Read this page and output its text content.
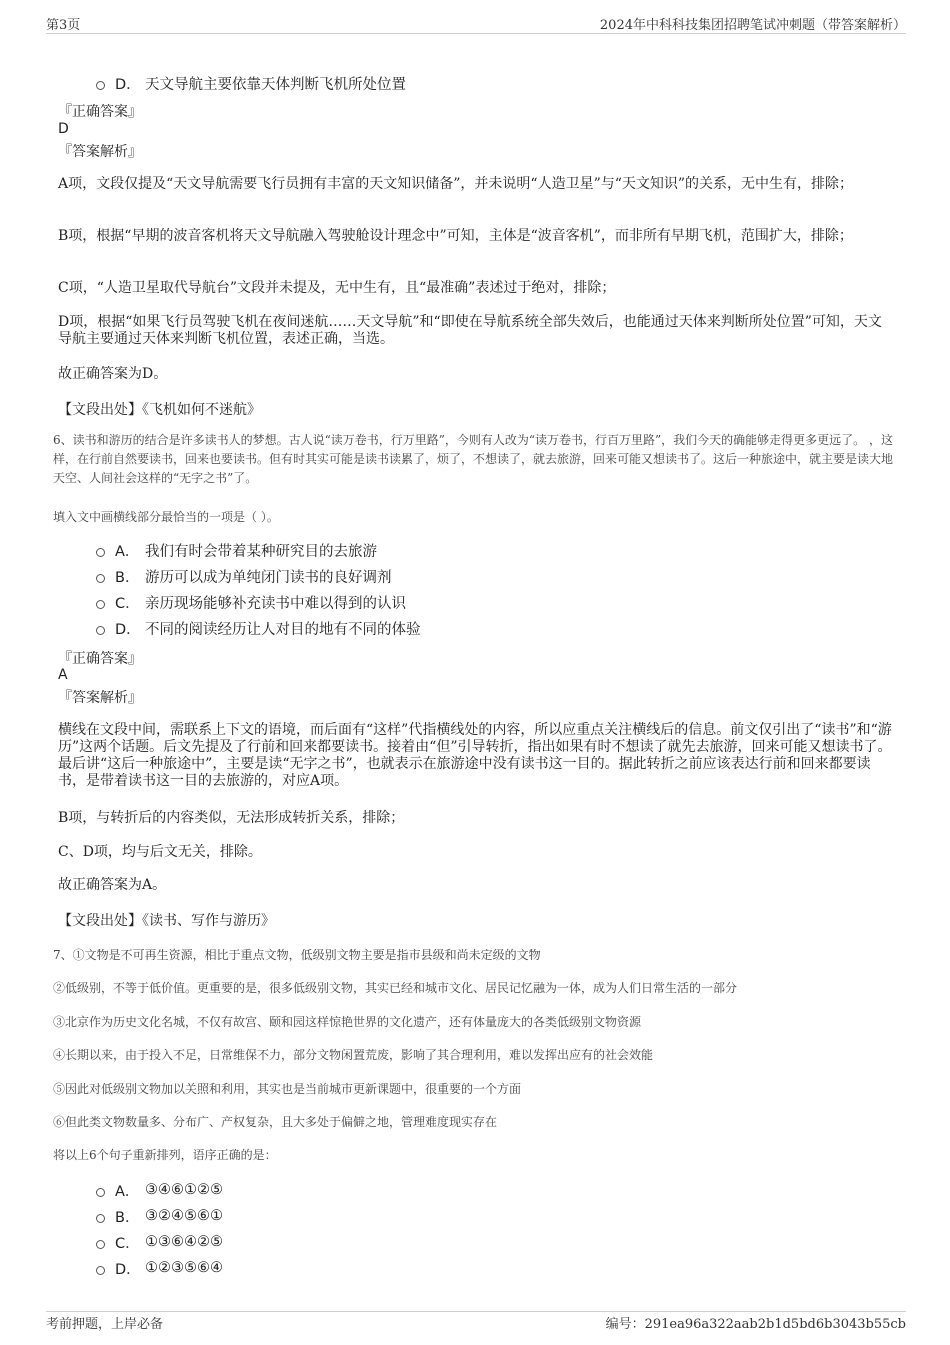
第3页	2024年中科科技集团招聘笔试冲刺题（带答案解析）
D． 天文导航主要依靠天体判断飞机所处位置
『正确答案』
D
『答案解析』
A项，文段仅提及“天文导航需要飞行员拥有丰富的天文知识储备”，并未说明“人造卫星”与“天文知识”的关系，无中生有，排除；
B项，根据“早期的波音客机将天文导航融入驾驶舱设计理念中”可知，主体是“波音客机”，而非所有早期飞机，范围扩大，排除；
C项，“人造卫星取代导航台”文段并未提及，无中生有，且“最准确”表述过于绝对，排除；
D项，根据“如果飞行员驾驶飞机在夜间迷航……天文导航”和“即使在导航系统全部失效后，也能通过天体来判断所处位置”可知，天文导航主要通过天体来判断飞机位置，表述正确，当选。
故正确答案为D。
【文段出处】《飞机如何不迷航》
6、读书和游历的结合是许多读书人的梦想。古人说“读万卷书，行万里路”，今则有人改为“读万卷书，行百万里路”，我们今天的确能够走得更多更远了。 ，这样，在行前自然要读书，回来也要读书。但有时其实可能是读书读累了，烦了，不想读了，就去旅游，回来可能又想读书了。这后一种旅途中，就主要是读大地天空、人间社会这样的“无字之书”了。
填入文中画横线部分最恰当的一项是（ ）。
A． 我们有时会带着某种研究目的去旅游
B． 游历可以成为单纯闭门读书的良好调剂
C． 亲历现场能够补充读书中难以得到的认识
D． 不同的阅读经历让人对目的地有不同的体验
『正确答案』
A
『答案解析』
横线在文段中间，需联系上下文的语境，而后面有“这样”代指横线处的内容，所以应重点关注横线后的信息。前文仅引出了“读书”和“游历”这两个话题。后文先提及了行前和回来都要读书。接着由“但”引导转折，指出如果有时不想读了就先去旅游，回来可能又想读书了。最后讲“这后一种旅途中”，主要是读“无字之书”，也就表示在旅游途中没有读书这一目的。据此转折之前应该表达行前和回来都要读书，是带着读书这一目的去旅游的，对应A项。
B项，与转折后的内容类似，无法形成转折关系，排除；
C、D项，均与后文无关，排除。
故正确答案为A。
【文段出处】《读书、写作与游历》
7、①文物是不可再生资源，相比于重点文物，低级别文物主要是指市县级和尚未定级的文物
②低级别，不等于低价值。更重要的是，很多低级别文物，其实已经和城市文化、居民记忆融为一体，成为人们日常生活的一部分
③北京作为历史文化名城，不仅有故宫、颐和园这样惊艳世界的文化遗产，还有体量庞大的各类低级别文物资源
④长期以来，由于投入不足，日常维保不力，部分文物闲置荒废，影响了其合理利用，难以发挥出应有的社会效能
⑤因此对低级别文物加以关照和利用，其实也是当前城市更新课题中，很重要的一个方面
⑥但此类文物数量多、分布广、产权复杂，且大多处于偏僻之地，管理难度现实存在
将以上6个句子重新排列，语序正确的是：
A． ③④⑥①②⑤
B． ③②④⑤⑥①
C． ①③⑥④②⑤
D． ①②③⑤⑥④
考前押题，上岸必备	编号：291ea96a322aab2b1d5bd6b3043b55cb
